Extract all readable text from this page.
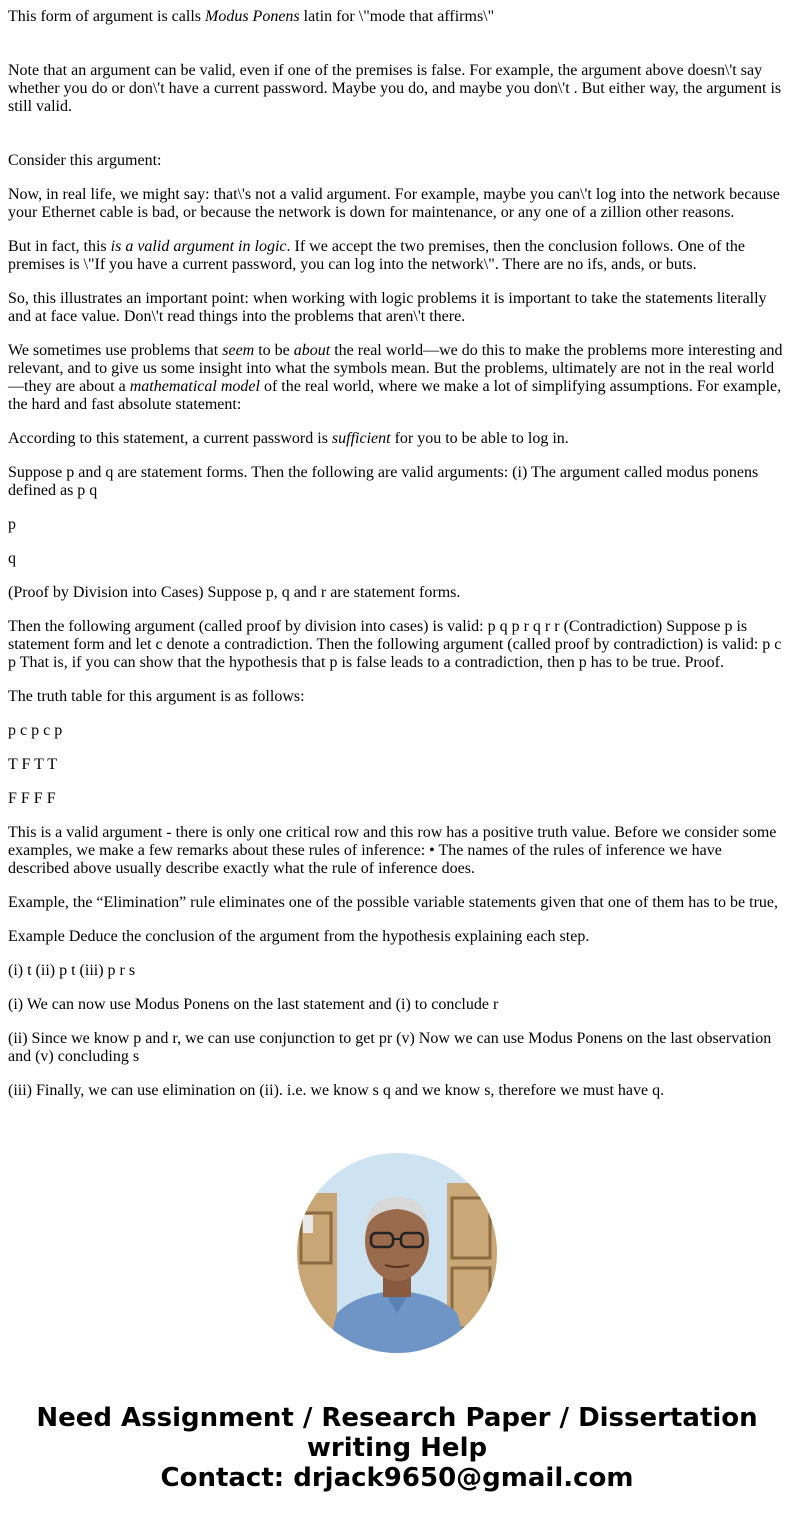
This form of argument is calls Modus Ponens latin for \"mode that affirms\"

Note that an argument can be valid, even if one of the premises is false. For example, the argument above doesn\'t say whether you do or don\'t have a current password. Maybe you do, and maybe you don\'t . But either way, the argument is still valid.

Consider this argument:

Now, in real life, we might say: that\'s not a valid argument. For example, maybe you can\'t log into the network because your Ethernet cable is bad, or because the network is down for maintenance, or any one of a zillion other reasons.

But in fact, this is a valid argument in logic. If we accept the two premises, then the conclusion follows. One of the premises is \"If you have a current password, you can log into the network\". There are no ifs, ands, or buts.

So, this illustrates an important point: when working with logic problems it is important to take the statements literally and at face value. Don\'t read things into the problems that aren\'t there.

We sometimes use problems that seem to be about the real world—we do this to make the problems more interesting and relevant, and to give us some insight into what the symbols mean. But the problems, ultimately are not in the real world—they are about a mathematical model of the real world, where we make a lot of simplifying assumptions. For example, the hard and fast absolute statement:

According to this statement, a current password is sufficient for you to be able to log in.

Suppose p and q are statement forms. Then the following are valid arguments: (i) The argument called modus ponens defined as p q

p

q

(Proof by Division into Cases) Suppose p, q and r are statement forms.

Then the following argument (called proof by division into cases) is valid: p q p r q r r (Contradiction) Suppose p is statement form and let c denote a contradiction. Then the following argument (called proof by contradiction) is valid: p c p That is, if you can show that the hypothesis that p is false leads to a contradiction, then p has to be true. Proof.

The truth table for this argument is as follows:

p c p c p

T F T T

F F F F

This is a valid argument - there is only one critical row and this row has a positive truth value. Before we consider some examples, we make a few remarks about these rules of inference: • The names of the rules of inference we have described above usually describe exactly what the rule of inference does.

Example, the “Elimination” rule eliminates one of the possible variable statements given that one of them has to be true,

Example Deduce the conclusion of the argument from the hypothesis explaining each step.

(i) t (ii) p t (iii) p r s

(i) We can now use Modus Ponens on the last statement and (i) to conclude r

(ii) Since we know p and r, we can use conjunction to get pr (v) Now we can use Modus Ponens on the last observation and (v) concluding s

(iii) Finally, we can use elimination on (ii). i.e. we know s q and we know s, therefore we must have q.

Need Assignment / Research Paper / Dissertation
writing Help
Contact: drjack9650@gmail.com
